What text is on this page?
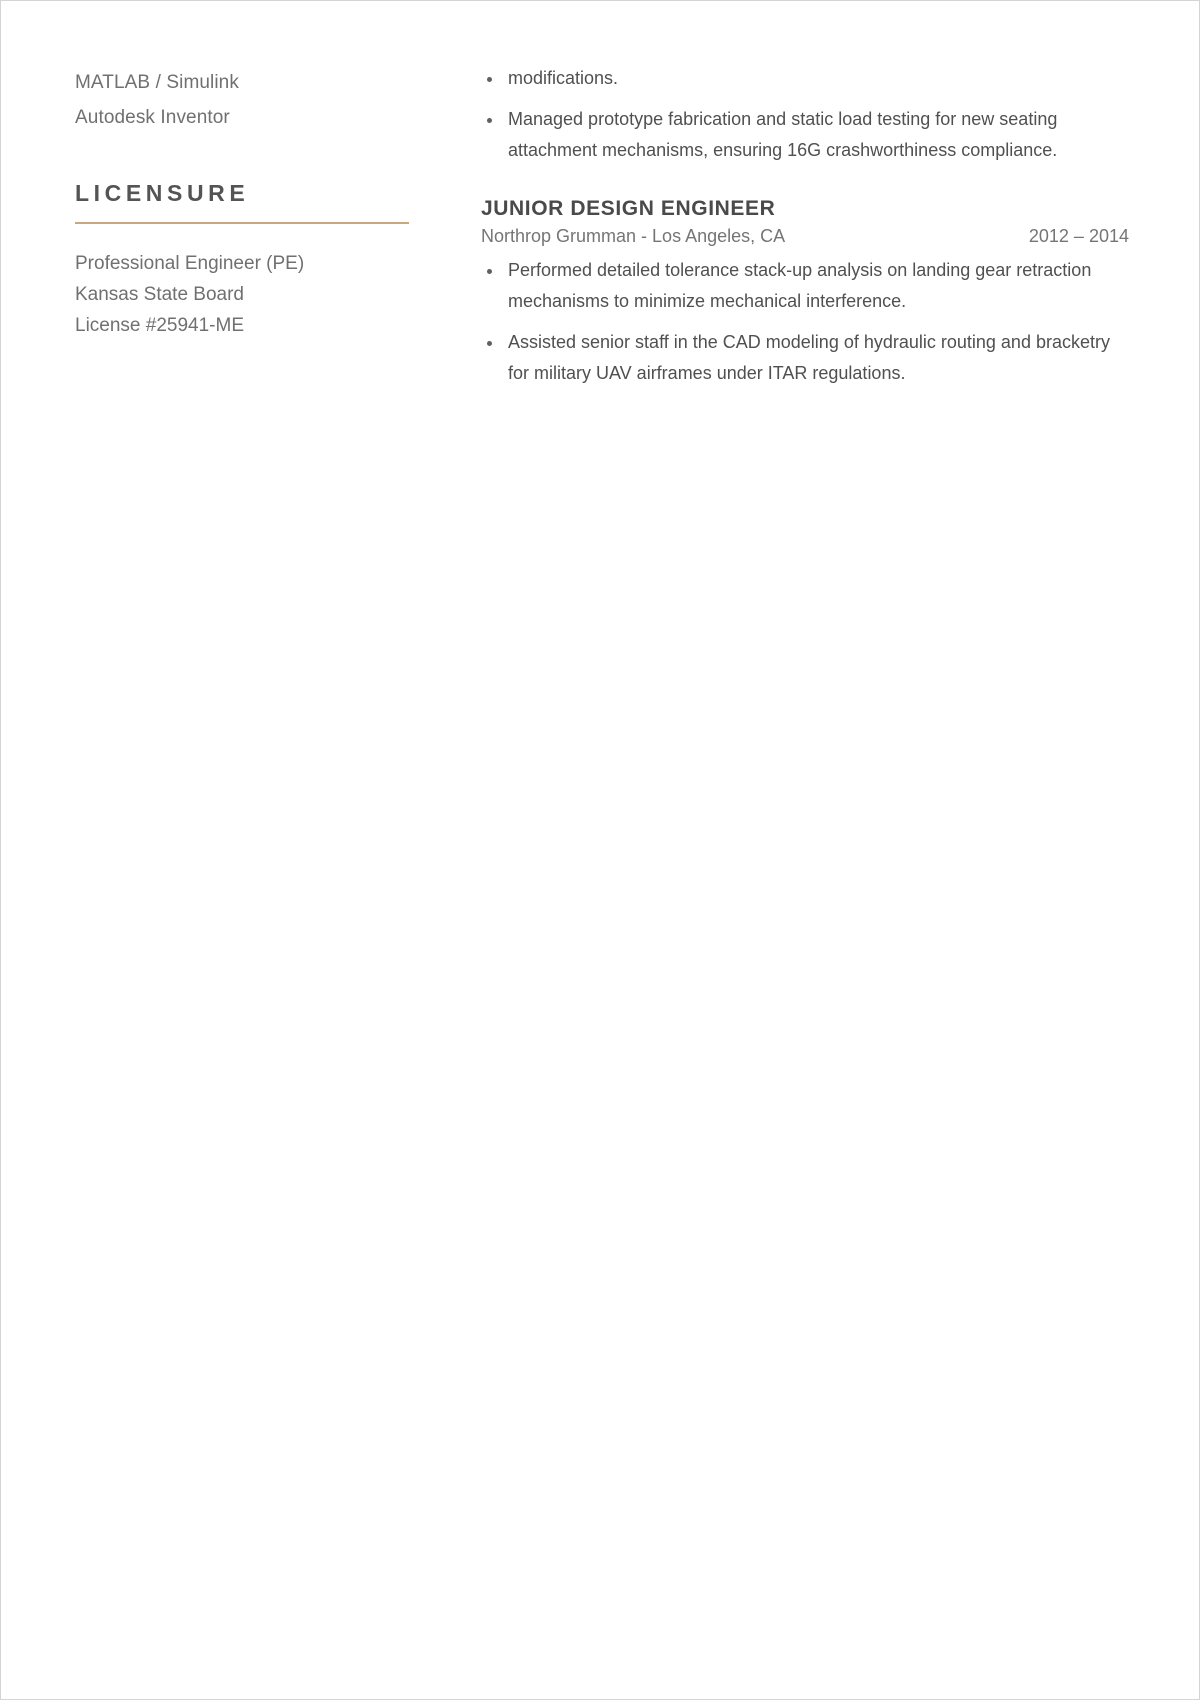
MATLAB / Simulink
Autodesk Inventor
LICENSURE
Professional Engineer (PE)
Kansas State Board
License #25941-ME
modifications.
Managed prototype fabrication and static load testing for new seating attachment mechanisms, ensuring 16G crashworthiness compliance.
JUNIOR DESIGN ENGINEER
Northrop Grumman - Los Angeles, CA	2012 – 2014
Performed detailed tolerance stack-up analysis on landing gear retraction mechanisms to minimize mechanical interference.
Assisted senior staff in the CAD modeling of hydraulic routing and bracketry for military UAV airframes under ITAR regulations.
